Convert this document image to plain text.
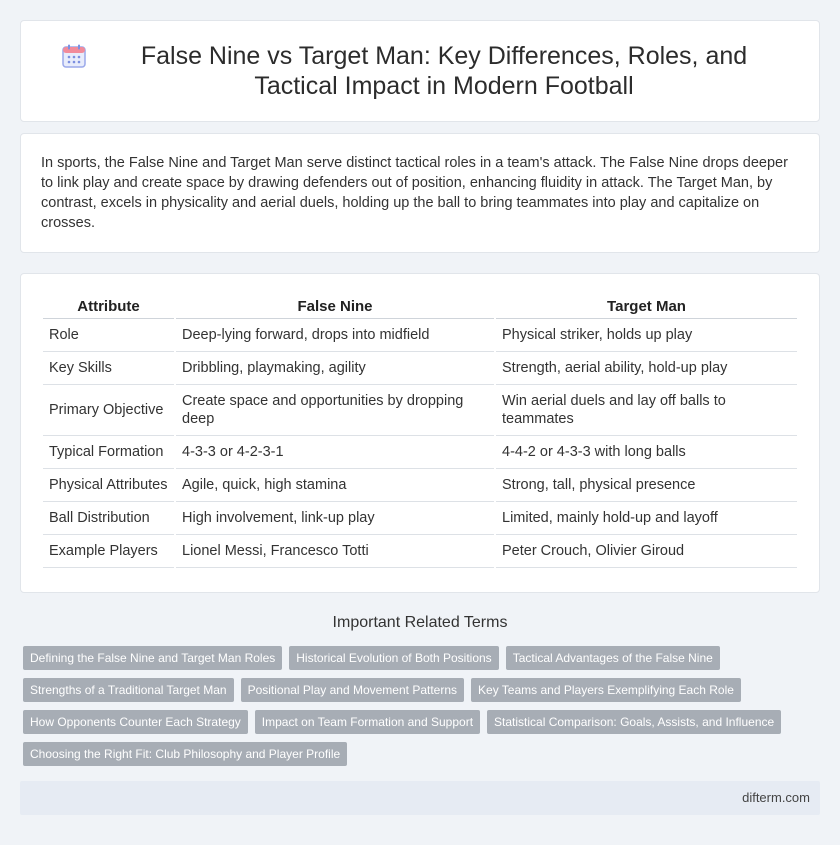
False Nine vs Target Man: Key Differences, Roles, and Tactical Impact in Modern Football

In sports, the False Nine and Target Man serve distinct tactical roles in a team's attack. The False Nine drops deeper to link play and create space by drawing defenders out of position, enhancing fluidity in attack. The Target Man, by contrast, excels in physicality and aerial duels, holding up the ball to bring teammates into play and capitalize on crosses.

Attribute	False Nine	Target Man
Role	Deep-lying forward, drops into midfield	Physical striker, holds up play
Key Skills	Dribbling, playmaking, agility	Strength, aerial ability, hold-up play
Primary Objective	Create space and opportunities by dropping deep	Win aerial duels and lay off balls to teammates
Typical Formation	4-3-3 or 4-2-3-1	4-4-2 or 4-3-3 with long balls
Physical Attributes	Agile, quick, high stamina	Strong, tall, physical presence
Ball Distribution	High involvement, link-up play	Limited, mainly hold-up and layoff
Example Players	Lionel Messi, Francesco Totti	Peter Crouch, Olivier Giroud
Important Related Terms
Defining the False Nine and Target Man Roles	Historical Evolution of Both Positions	Tactical Advantages of the False Nine
Strengths of a Traditional Target Man	Positional Play and Movement Patterns	Key Teams and Players Exemplifying Each Role
How Opponents Counter Each Strategy	Impact on Team Formation and Support	Statistical Comparison: Goals, Assists, and Influence
Choosing the Right Fit: Club Philosophy and Player Profile
difterm.com
